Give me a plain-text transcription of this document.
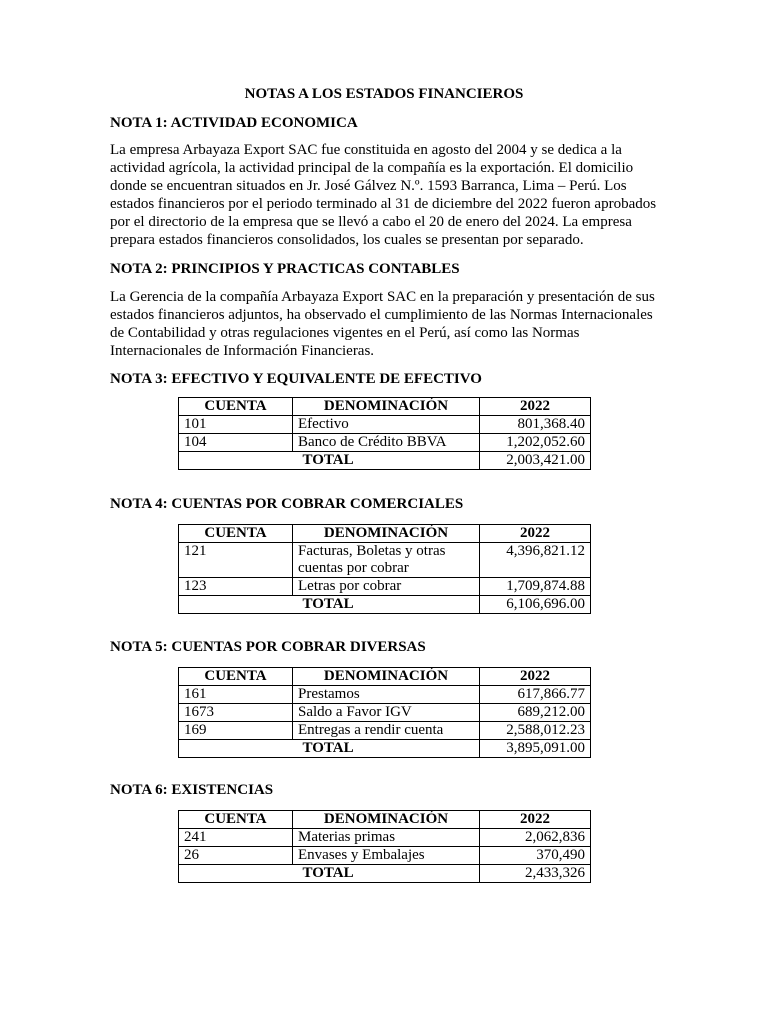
NOTAS A LOS ESTADOS FINANCIEROS
NOTA 1: ACTIVIDAD ECONOMICA
La empresa Arbayaza Export SAC fue constituida en agosto del 2004 y se dedica a la actividad agrícola, la actividad principal de la compañía es la exportación. El domicilio donde se encuentran situados en Jr. José Gálvez N.º. 1593 Barranca, Lima – Perú. Los estados financieros por el periodo terminado al 31 de diciembre del 2022 fueron aprobados por el directorio de la empresa que se llevó a cabo el 20 de enero del 2024. La empresa prepara estados financieros consolidados, los cuales se presentan por separado.
NOTA 2: PRINCIPIOS Y PRACTICAS CONTABLES
La Gerencia de la compañía Arbayaza Export SAC en la preparación y presentación de sus estados financieros adjuntos, ha observado el cumplimiento de las Normas Internacionales de Contabilidad y otras regulaciones vigentes en el Perú, así como las Normas Internacionales de Información Financieras.
NOTA 3: EFECTIVO Y EQUIVALENTE DE EFECTIVO
CUENTA	DENOMINACIÓN	2022
101	Efectivo	801,368.40
104	Banco de Crédito BBVA	1,202,052.60
	TOTAL	2,003,421.00
NOTA 4: CUENTAS POR COBRAR COMERCIALES
CUENTA	DENOMINACIÓN	2022
121	Facturas, Boletas y otras cuentas por cobrar	4,396,821.12
123	Letras por cobrar	1,709,874.88
	TOTAL	6,106,696.00
NOTA 5: CUENTAS POR COBRAR DIVERSAS
CUENTA	DENOMINACIÓN	2022
161	Prestamos	617,866.77
1673	Saldo a Favor IGV	689,212.00
169	Entregas a rendir cuenta	2,588,012.23
	TOTAL	3,895,091.00
NOTA 6: EXISTENCIAS
CUENTA	DENOMINACIÓN	2022
241	Materias primas	2,062,836
26	Envases y Embalajes	370,490
	TOTAL	2,433,326
